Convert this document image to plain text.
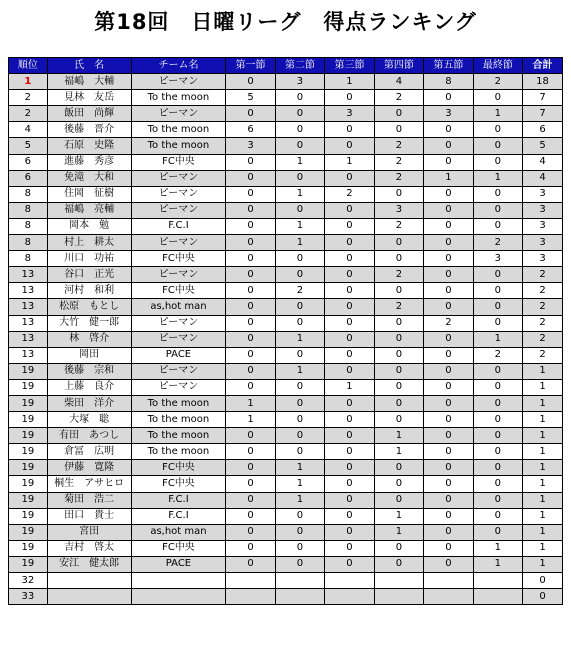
第18回　日曜リーグ　得点ランキング
順位	氏　名	チーム名	第一節	第二節	第三節	第四節	第五節	最終節	合計
1	福嶋　大輔	ピーマン	0	3	1	4	8	2	18
2	見林　友岳	To the moon	5	0	0	2	0	0	7
2	飯田　尚輝	ピーマン	0	0	3	0	3	1	7
4	後藤　晋介	To the moon	6	0	0	0	0	0	6
5	石原　史隆	To the moon	3	0	0	2	0	0	5
6	進藤　秀彦	FC中央	0	1	1	2	0	0	4
6	免滝　大和	ピーマン	0	0	0	2	1	1	4
8	住岡　征樹	ピーマン	0	1	2	0	0	0	3
8	福嶋　亮輔	ピーマン	0	0	0	3	0	0	3
8	岡本　勉	F.C.I	0	1	0	2	0	0	3
8	村上　耕太	ピーマン	0	1	0	0	0	2	3
8	川口　功祐	FC中央	0	0	0	0	0	3	3
13	谷口　正光	ピーマン	0	0	0	2	0	0	2
13	河村　和利	FC中央	0	2	0	0	0	0	2
13	松原　もとし	as,hot man	0	0	0	2	0	0	2
13	大竹　健一郎	ピーマン	0	0	0	0	2	0	2
13	林　啓介	ピーマン	0	1	0	0	0	1	2
13	岡田	PACE	0	0	0	0	0	2	2
19	後藤　宗和	ピーマン	0	1	0	0	0	0	1
19	上藤　良介	ピーマン	0	0	1	0	0	0	1
19	柴田　洋介	To the moon	1	0	0	0	0	0	1
19	大塚　聡	To the moon	1	0	0	0	0	0	1
19	有田　あつし	To the moon	0	0	0	1	0	0	1
19	倉冨　広明	To the moon	0	0	0	1	0	0	1
19	伊藤　寛隆	FC中央	0	1	0	0	0	0	1
19	桐生　アサヒロ	FC中央	0	1	0	0	0	0	1
19	菊田　浩二	F.C.I	0	1	0	0	0	0	1
19	田口　貴士	F.C.I	0	0	0	1	0	0	1
19	宮田	as,hot man	0	0	0	1	0	0	1
19	吉村　啓太	FC中央	0	0	0	0	0	1	1
19	安江　健太郎	PACE	0	0	0	0	0	1	1
32									0
33									0
